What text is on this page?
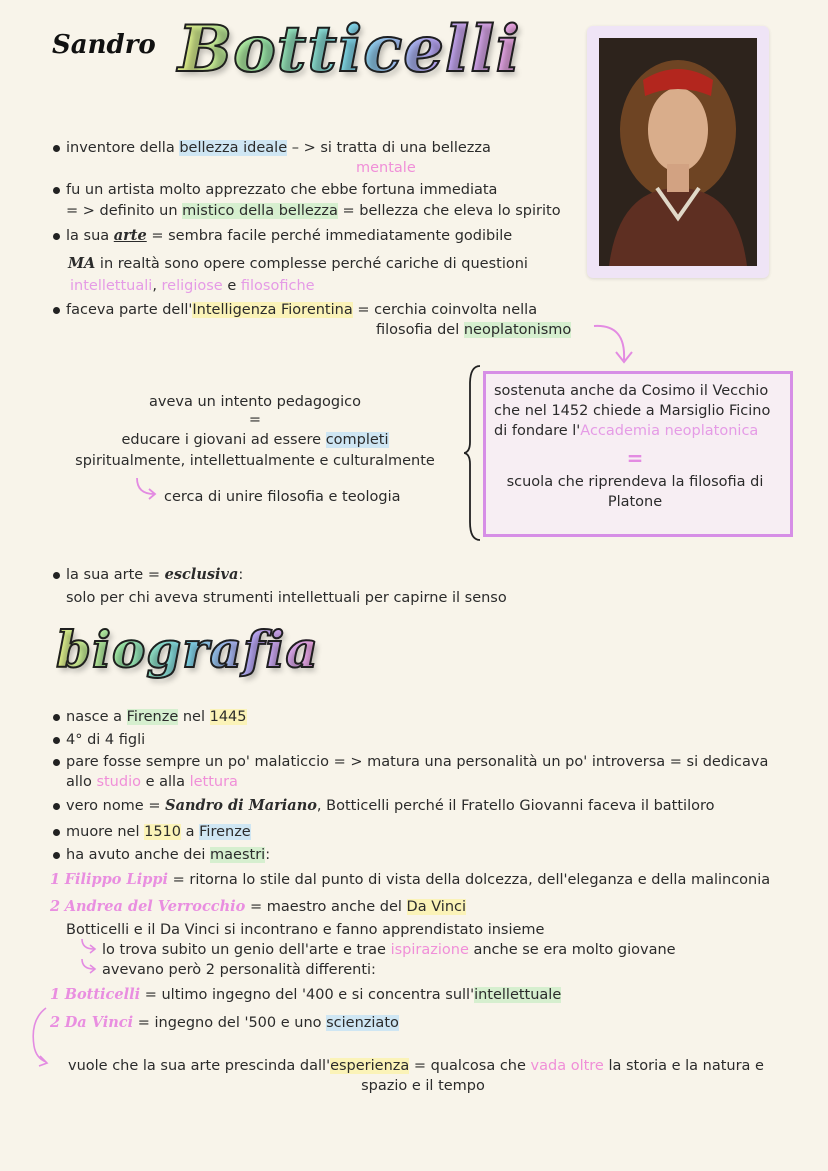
Sandro Botticelli
inventore della bellezza ideale – > si tratta di una bellezza
mentale
fu un artista molto apprezzato che ebbe fortuna immediata
= > definito un mistico della bellezza = bellezza che eleva lo spirito
la sua arte = sembra facile perché immediatamente godibile
MA in realtà sono opere complesse perché cariche di questioni
intellettuali, religiose e filosofiche
faceva parte dell'Intelligenza Fiorentina = cerchia coinvolta nella
filosofia del neoplatonismo
aveva un intento pedagogico
=
educare i giovani ad essere completi
spiritualmente, intellettualmente e culturalmente
cerca di unire filosofia e teologia
sostenuta anche da Cosimo il Vecchio
che nel 1452 chiede a Marsiglio Ficino
di fondare l'Accademia neoplatonica
=
scuola che riprendeva la filosofia di
Platone
la sua arte = esclusiva:
solo per chi aveva strumenti intellettuali per capirne il senso
biografia
nasce a Firenze nel 1445
4° di 4 figli
pare fosse sempre un po' malaticcio = > matura una personalità un po' introversa = si dedicava
allo studio e alla lettura
vero nome = Sandro di Mariano, Botticelli perché il Fratello Giovanni faceva il battiloro
muore nel 1510 a Firenze
ha avuto anche dei maestri:
1 Filippo Lippi = ritorna lo stile dal punto di vista della dolcezza, dell'eleganza e della malinconia
2 Andrea del Verrocchio = maestro anche del Da Vinci
Botticelli e il Da Vinci si incontrano e fanno apprendistato insieme
lo trova subito un genio dell'arte e trae ispirazione anche se era molto giovane
avevano però 2 personalità differenti:
1 Botticelli = ultimo ingegno del '400 e si concentra sull'intellettuale
2 Da Vinci = ingegno del '500 e uno scienziato
vuole che la sua arte prescinda dall'esperienza = qualcosa che vada oltre la storia e la natura e
spazio e il tempo
